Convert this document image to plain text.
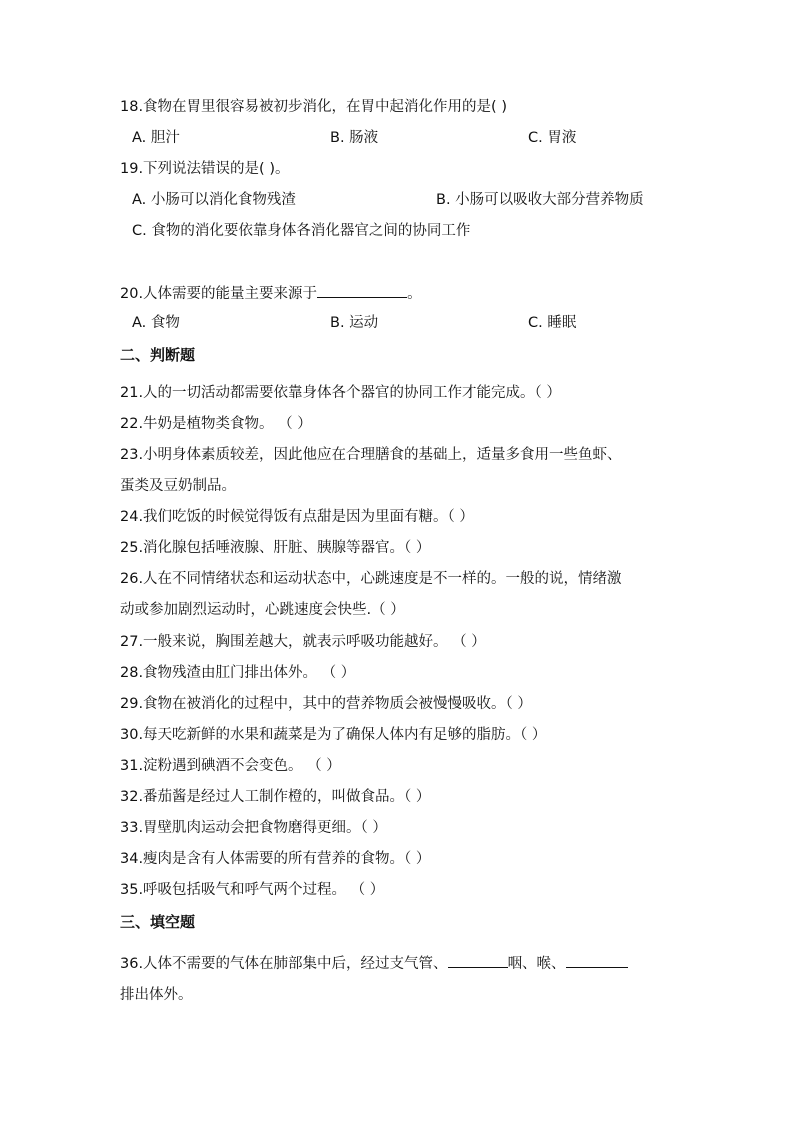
18.食物在胃里很容易被初步消化，在胃中起消化作用的是( )
A. 胆汁	B. 肠液	C. 胃液
19.下列说法错误的是( )。
A. 小肠可以消化食物残渣	B. 小肠可以吸收大部分营养物质
C. 食物的消化要依靠身体各消化器官之间的协同工作
20.人体需要的能量主要来源于	。
A. 食物	B. 运动	C. 睡眠
二、判断题
21.人的一切活动都需要依靠身体各个器官的协同工作才能完成。（ ）
22.牛奶是植物类食物。 （ ）
23.小明身体素质较差，因此他应在合理膳食的基础上，适量多食用一些鱼虾、
蛋类及豆奶制品。
24.我们吃饭的时候觉得饭有点甜是因为里面有糖。（ ）
25.消化腺包括唾液腺、肝脏、胰腺等器官。（ ）
26.人在不同情绪状态和运动状态中，心跳速度是不一样的。一般的说，情绪激
动或参加剧烈运动时，心跳速度会快些.（ ）
27.一般来说，胸围差越大，就表示呼吸功能越好。 （ ）
28.食物残渣由肛门排出体外。 （ ）
29.食物在被消化的过程中，其中的营养物质会被慢慢吸收。（ ）
30.每天吃新鲜的水果和蔬菜是为了确保人体内有足够的脂肪。（ ）
31.淀粉遇到碘酒不会变色。 （ ）
32.番茄酱是经过人工制作橙的，叫做食品。（ ）
33.胃壁肌肉运动会把食物磨得更细。（ ）
34.瘦肉是含有人体需要的所有营养的食物。（ ）
35.呼吸包括吸气和呼气两个过程。 （ ）
三、填空题
36.人体不需要的气体在肺部集中后，经过支气管、	咽、喉、
排出体外。
